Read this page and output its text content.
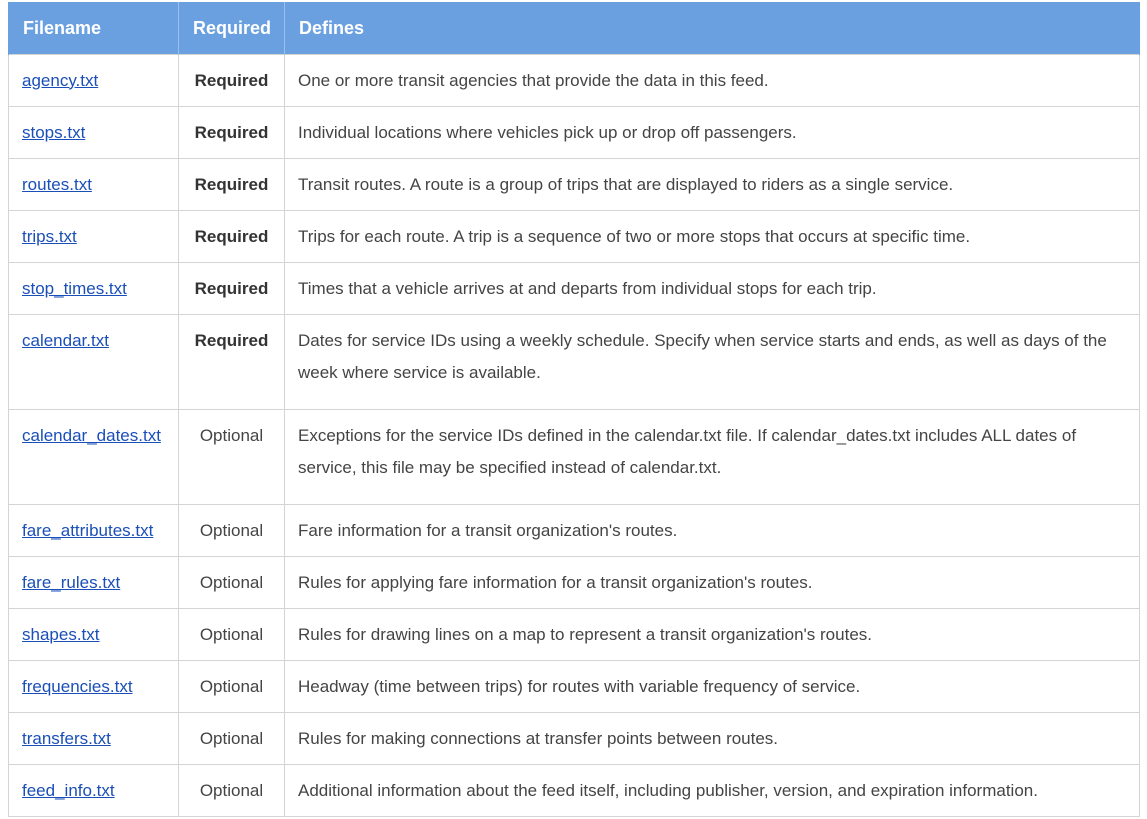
Filename	Required	Defines
agency.txt	Required	One or more transit agencies that provide the data in this feed.
stops.txt	Required	Individual locations where vehicles pick up or drop off passengers.
routes.txt	Required	Transit routes. A route is a group of trips that are displayed to riders as a single service.
trips.txt	Required	Trips for each route. A trip is a sequence of two or more stops that occurs at specific time.
stop_times.txt	Required	Times that a vehicle arrives at and departs from individual stops for each trip.
calendar.txt	Required	Dates for service IDs using a weekly schedule. Specify when service starts and ends, as well as days of the week where service is available.
calendar_dates.txt	Optional	Exceptions for the service IDs defined in the calendar.txt file. If calendar_dates.txt includes ALL dates of service, this file may be specified instead of calendar.txt.
fare_attributes.txt	Optional	Fare information for a transit organization's routes.
fare_rules.txt	Optional	Rules for applying fare information for a transit organization's routes.
shapes.txt	Optional	Rules for drawing lines on a map to represent a transit organization's routes.
frequencies.txt	Optional	Headway (time between trips) for routes with variable frequency of service.
transfers.txt	Optional	Rules for making connections at transfer points between routes.
feed_info.txt	Optional	Additional information about the feed itself, including publisher, version, and expiration information.
